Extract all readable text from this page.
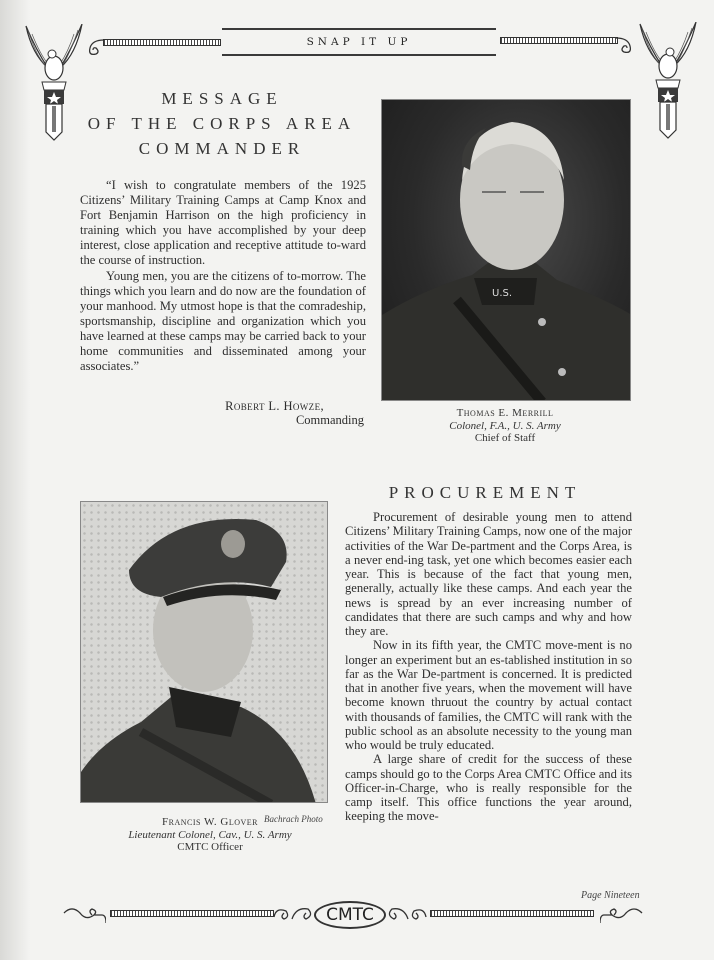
SNAP IT UP
MESSAGE
OF THE CORPS AREA
COMMANDER

“I wish to congratulate members of the 1925 Citizens’ Military Training Camps at Camp Knox and Fort Benjamin Harrison on the high proficiency in training which you have accomplished by your deep interest, close application and receptive attitude to-ward the course of instruction.

Young men, you are the citizens of to-morrow. The things which you learn and do now are the foundation of your manhood. My utmost hope is that the comradeship, sportsmanship, discipline and organization which you have learned at these camps may be carried back to your home communities and disseminated among your associates.”

Robert L. Howze,
Commanding
U.S.
Thomas E. Merrill
Colonel, F.A., U. S. Army
Chief of Staff
PROCUREMENT

Procurement of desirable young men to attend Citizens’ Military Training Camps, now one of the major activities of the War De-partment and the Corps Area, is a never end-ing task, yet one which becomes easier each year. This is because of the fact that young men, generally, actually like these camps. And each year the news is spread by an ever increasing number of candidates that there are such camps and why and how they are.

Now in its fifth year, the CMTC move-ment is no longer an experiment but an es-tablished institution in so far as the War De-partment is concerned. It is predicted that in another five years, when the movement will have become known thruout the country by actual contact with thousands of families, the CMTC will rank with the public school as an absolute necessity to the young man who would be truly educated.

A large share of credit for the success of these camps should go to the Corps Area CMTC Office and its Officer-in-Charge, who is really responsible for the camp itself. This office functions the year around, keeping the move-

Bachrach Photo
Francis W. Glover
Lieutenant Colonel, Cav., U. S. Army
CMTC Officer
Page Nineteen
CMTC
